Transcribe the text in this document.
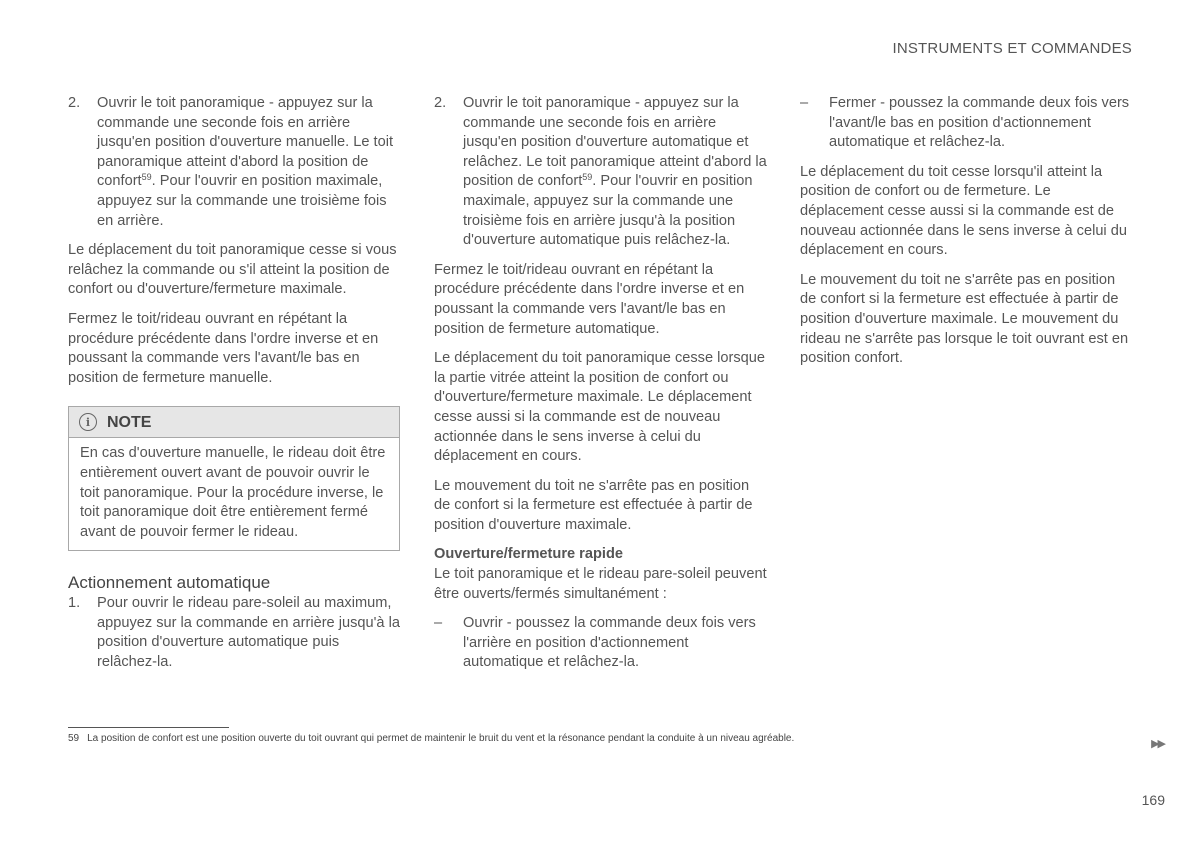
INSTRUMENTS ET COMMANDES
2. Ouvrir le toit panoramique - appuyez sur la commande une seconde fois en arrière jusqu'en position d'ouverture manuelle. Le toit panoramique atteint d'abord la position de confort$^{59}$. Pour l'ouvrir en position maximale, appuyez sur la commande une troisième fois en arrière.

Le déplacement du toit panoramique cesse si vous relâchez la commande ou s'il atteint la position de confort ou d'ouverture/fermeture maximale.

Fermez le toit/rideau ouvrant en répétant la procédure précédente dans l'ordre inverse et en poussant la commande vers l'avant/le bas en position de fermeture manuelle.

i	NOTE
En cas d'ouverture manuelle, le rideau doit être entièrement ouvert avant de pouvoir ouvrir le toit panoramique. Pour la procédure inverse, le toit panoramique doit être entièrement fermé avant de pouvoir fermer le rideau.
Actionnement automatique
1. Pour ouvrir le rideau pare-soleil au maximum, appuyez sur la commande en arrière jusqu'à la position d'ouverture automatique puis relâchez-la.
2. Ouvrir le toit panoramique - appuyez sur la commande une seconde fois en arrière jusqu'en position d'ouverture automatique et relâchez. Le toit panoramique atteint d'abord la position de confort$^{59}$. Pour l'ouvrir en position maximale, appuyez sur la commande une troisième fois en arrière jusqu'à la position d'ouverture automatique puis relâchez-la.

Fermez le toit/rideau ouvrant en répétant la procédure précédente dans l'ordre inverse et en poussant la commande vers l'avant/le bas en position de fermeture automatique.

Le déplacement du toit panoramique cesse lorsque la partie vitrée atteint la position de confort ou d'ouverture/fermeture maximale. Le déplacement cesse aussi si la commande est de nouveau actionnée dans le sens inverse à celui du déplacement en cours.

Le mouvement du toit ne s'arrête pas en position de confort si la fermeture est effectuée à partir de position d'ouverture maximale.

Ouverture/fermeture rapide

Le toit panoramique et le rideau pare-soleil peuvent être ouverts/fermés simultanément :

– Ouvrir - poussez la commande deux fois vers l'arrière en position d'actionnement automatique et relâchez-la.
– Fermer - poussez la commande deux fois vers l'avant/le bas en position d'actionnement automatique et relâchez-la.

Le déplacement du toit cesse lorsqu'il atteint la position de confort ou de fermeture. Le déplacement cesse aussi si la commande est de nouveau actionnée dans le sens inverse à celui du déplacement en cours.

Le mouvement du toit ne s'arrête pas en position de confort si la fermeture est effectuée à partir de position d'ouverture maximale. Le mouvement du rideau ne s'arrête pas lorsque le toit ouvrant est en position confort.

59 La position de confort est une position ouverte du toit ouvrant qui permet de maintenir le bruit du vent et la résonance pendant la conduite à un niveau agréable.	▶▶
169
